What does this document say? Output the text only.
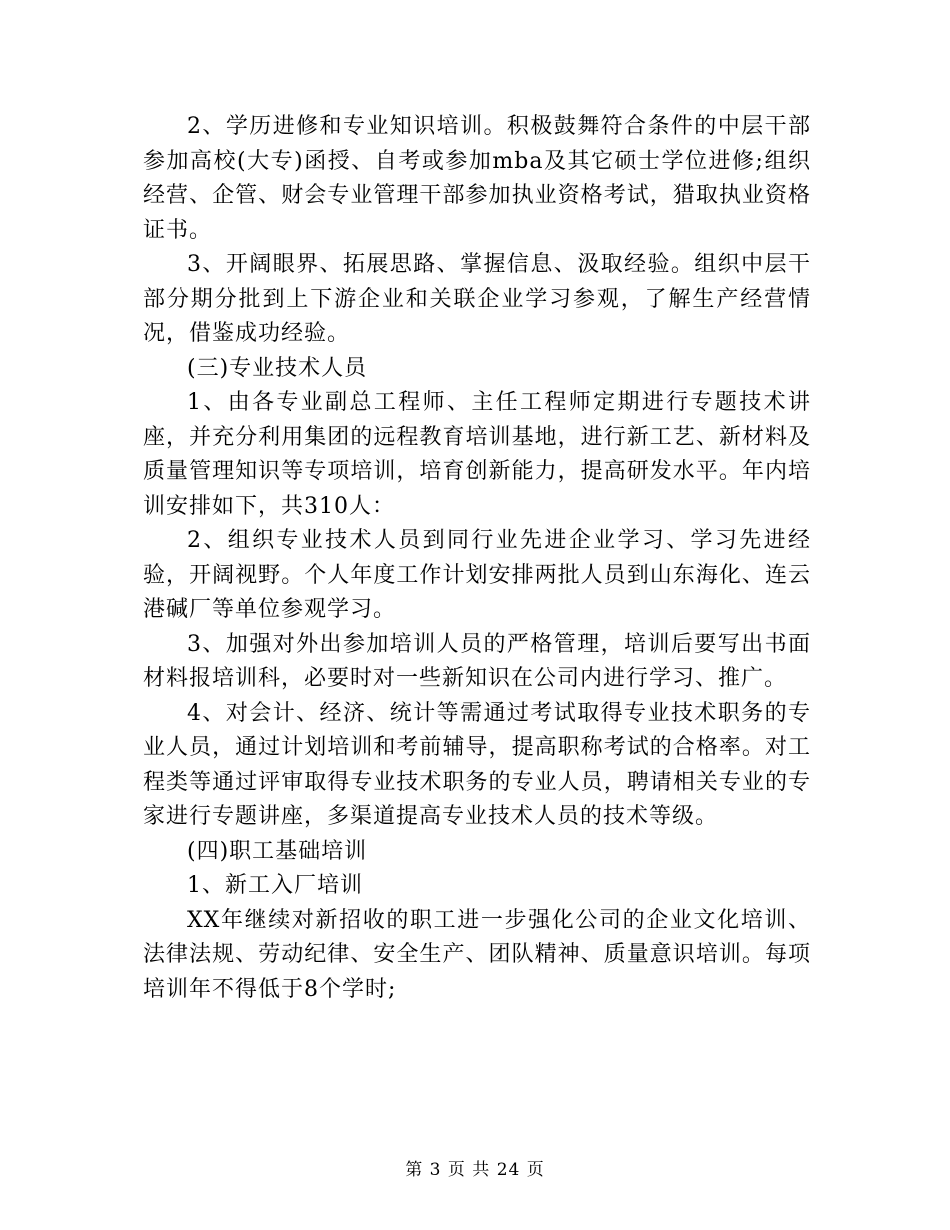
2、学历进修和专业知识培训。积极鼓舞符合条件的中层干部参加高校(大专)函授、自考或参加mba及其它硕士学位进修;组织经营、企管、财会专业管理干部参加执业资格考试，猎取执业资格证书。

3、开阔眼界、拓展思路、掌握信息、汲取经验。组织中层干部分期分批到上下游企业和关联企业学习参观，了解生产经营情况，借鉴成功经验。

(三)专业技术人员

1、由各专业副总工程师、主任工程师定期进行专题技术讲座，并充分利用集团的远程教育培训基地，进行新工艺、新材料及质量管理知识等专项培训，培育创新能力，提高研发水平。年内培训安排如下，共310人：

2、组织专业技术人员到同行业先进企业学习、学习先进经验，开阔视野。个人年度工作计划安排两批人员到山东海化、连云港碱厂等单位参观学习。

3、加强对外出参加培训人员的严格管理，培训后要写出书面材料报培训科，必要时对一些新知识在公司内进行学习、推广。

4、对会计、经济、统计等需通过考试取得专业技术职务的专业人员，通过计划培训和考前辅导，提高职称考试的合格率。对工程类等通过评审取得专业技术职务的专业人员，聘请相关专业的专家进行专题讲座，多渠道提高专业技术人员的技术等级。

(四)职工基础培训

1、新工入厂培训

XX年继续对新招收的职工进一步强化公司的企业文化培训、法律法规、劳动纪律、安全生产、团队精神、质量意识培训。每项培训年不得低于8个学时;

第 3 页 共 24 页
